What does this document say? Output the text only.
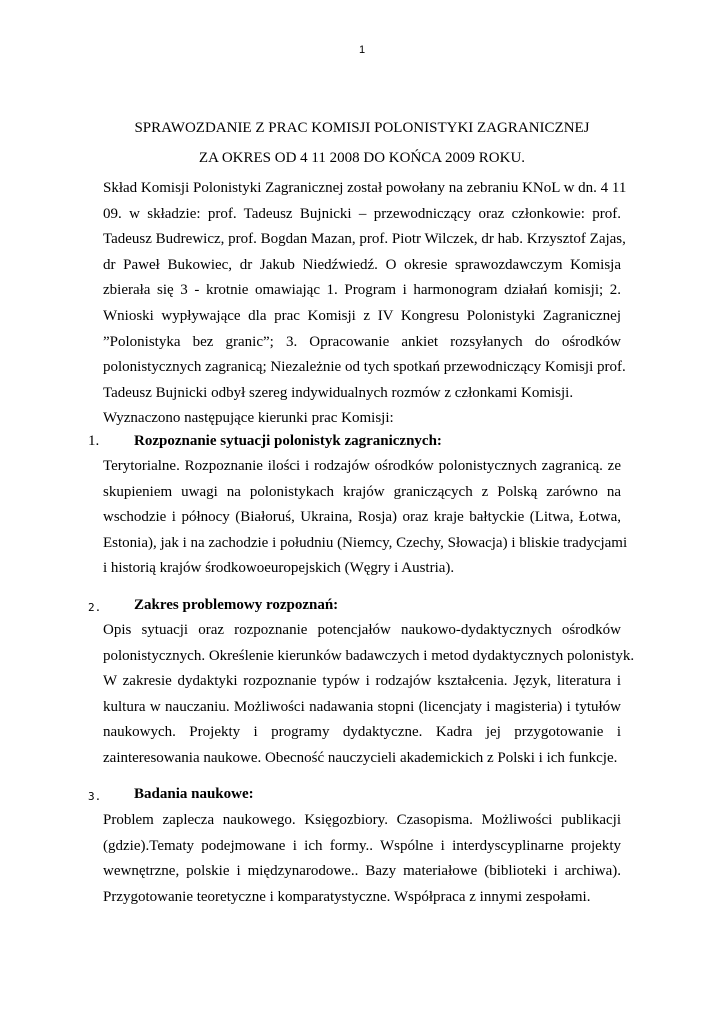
1
SPRAWOZDANIE Z PRAC KOMISJI POLONISTYKI ZAGRANICZNEJ
ZA OKRES OD 4 11 2008 DO KOŃCA 2009 ROKU.
Skład Komisji Polonistyki Zagranicznej został powołany na zebraniu KNoL w dn. 4 11
09. w składzie: prof. Tadeusz Bujnicki – przewodniczący oraz członkowie: prof.
Tadeusz Budrewicz, prof. Bogdan Mazan, prof. Piotr Wilczek, dr hab. Krzysztof Zajas,
dr Paweł Bukowiec, dr Jakub Niedźwiedź. O okresie sprawozdawczym Komisja
zbierała się 3 - krotnie omawiając 1. Program i harmonogram działań komisji; 2.
Wnioski wypływające dla prac Komisji z IV Kongresu Polonistyki Zagranicznej
”Polonistyka bez granic”; 3. Opracowanie ankiet rozsyłanych do ośrodków
polonistycznych zagranicą; Niezależnie od tych spotkań przewodniczący Komisji prof.
Tadeusz Bujnicki odbył szereg indywidualnych rozmów z członkami Komisji.
Wyznaczono następujące kierunki prac Komisji:
1. Rozpoznanie sytuacji polonistyk zagranicznych:
Terytorialne. Rozpoznanie ilości i rodzajów ośrodków polonistycznych zagranicą. ze
skupieniem uwagi na polonistykach krajów graniczących z Polską zarówno na
wschodzie i północy (Białoruś, Ukraina, Rosja) oraz kraje bałtyckie (Litwa, Łotwa,
Estonia), jak i na zachodzie i południu (Niemcy, Czechy, Słowacja) i bliskie tradycjami
i historią krajów środkowoeuropejskich (Węgry i Austria).
2. Zakres problemowy rozpoznań:
Opis sytuacji oraz rozpoznanie potencjałów naukowo-dydaktycznych ośrodków
polonistycznych. Określenie kierunków badawczych i metod dydaktycznych polonistyk.
W zakresie dydaktyki rozpoznanie typów i rodzajów kształcenia. Język, literatura i
kultura w nauczaniu. Możliwości nadawania stopni (licencjaty i magisteria) i tytułów
naukowych. Projekty i programy dydaktyczne. Kadra jej przygotowanie i
zainteresowania naukowe. Obecność nauczycieli akademickich z Polski i ich funkcje.
3. Badania naukowe:
Problem zaplecza naukowego. Księgozbiory. Czasopisma. Możliwości publikacji
(gdzie).Tematy podejmowane i ich formy.. Wspólne i interdyscyplinarne projekty
wewnętrzne, polskie i międzynarodowe.. Bazy materiałowe (biblioteki i archiwa).
Przygotowanie teoretyczne i komparatystyczne. Współpraca z innymi zespołami.
